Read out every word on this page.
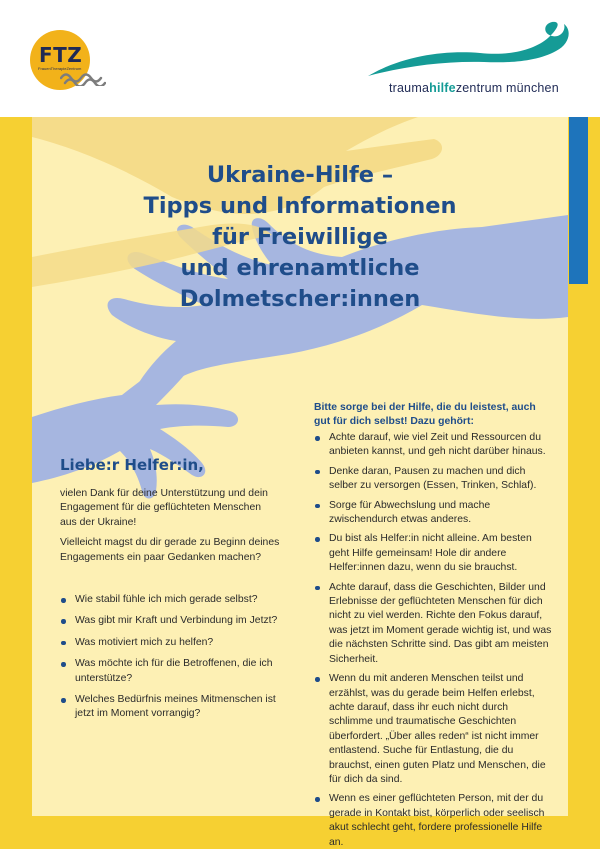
FTZ
FrauenTherapieZentrum
traumahilfezentrum münchen
Ukraine-Hilfe –
Tipps und Informationen
für Freiwillige
und ehrenamtliche
Dolmetscher:innen
Liebe:r Helfer:in,

vielen Dank für deine Unterstützung und dein Engagement für die geflüchteten Menschen aus der Ukraine!

Vielleicht magst du dir gerade zu Beginn deines Engagements ein paar Gedanken machen?

Wie stabil fühle ich mich gerade selbst?
Was gibt mir Kraft und Verbindung im Jetzt?
Was motiviert mich zu helfen?
Was möchte ich für die Betroffenen, die ich unterstütze?
Welches Bedürfnis meines Mitmenschen ist jetzt im Moment vorrangig?
Bitte sorge bei der Hilfe, die du leistest, auch gut für dich selbst! Dazu gehört:
Achte darauf, wie viel Zeit und Ressourcen du anbieten kannst, und geh nicht darüber hinaus.
Denke daran, Pausen zu machen und dich selber zu versorgen (Essen, Trinken, Schlaf).
Sorge für Abwechslung und mache zwischendurch etwas anderes.
Du bist als Helfer:in nicht alleine. Am besten geht Hilfe gemeinsam! Hole dir andere Helfer:innen dazu, wenn du sie brauchst.
Achte darauf, dass die Geschichten, Bilder und Erlebnisse der geflüchteten Menschen für dich nicht zu viel werden. Richte den Fokus darauf, was jetzt im Moment gerade wichtig ist, und was die nächsten Schritte sind. Das gibt am meisten Sicherheit.
Wenn du mit anderen Menschen teilst und erzählst, was du gerade beim Helfen erlebst, achte darauf, dass ihr euch nicht durch schlimme und traumatische Geschichten überfordert. „Über alles reden“ ist nicht immer entlastend. Suche für Entlastung, die du brauchst, einen guten Platz und Menschen, die für dich da sind.
Wenn es einer geflüchteten Person, mit der du gerade in Kontakt bist, körperlich oder seelisch akut schlecht geht, fordere professionelle Hilfe an.
